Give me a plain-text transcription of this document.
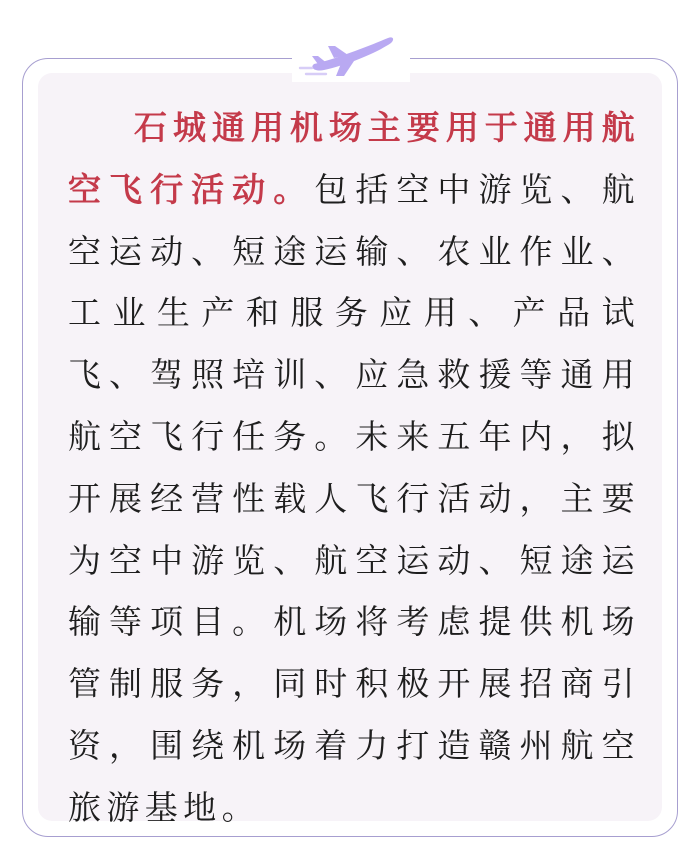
石城通用机场主要用于通用航空飞行活动。包括空中游览、航空运动、短途运输、农业作业、工业生产和服务应用、产品试飞、驾照培训、应急救援等通用航空飞行任务。未来五年内，拟开展经营性载人飞行活动，主要为空中游览、航空运动、短途运输等项目。机场将考虑提供机场管制服务，同时积极开展招商引资，围绕机场着力打造赣州航空旅游基地。
